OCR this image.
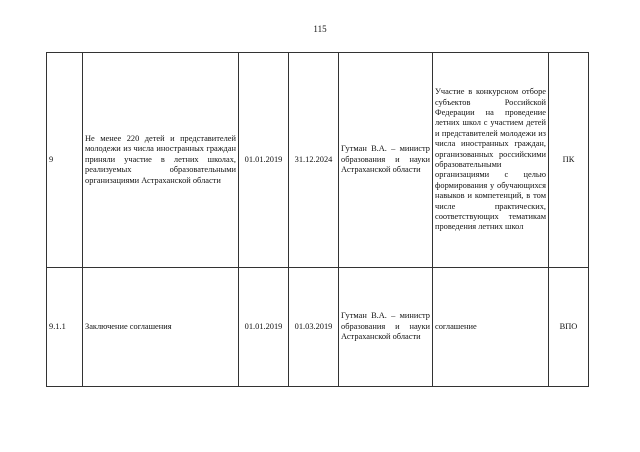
115
9	Не менее 220 детей и представителей молодежи из числа иностранных граждан приняли участие в летних школах, реализуемых образовательными организациями Астраханской области	01.01.2019	31.12.2024	Гутман В.А. – министр образования и науки Астраханской области	Участие в конкурсном отборе субъектов Российской Федерации на проведение летних школ с участием детей и представителей молодежи из числа иностранных граждан, организованных российскими образовательными организациями с целью формирования у обучающихся навыков и компетенций, в том числе практических, соответствующих тематикам проведения летних школ	ПК
9.1.1	Заключение соглашения	01.01.2019	01.03.2019	Гутман В.А. – министр образования и науки Астраханской области	соглашение	ВПО
